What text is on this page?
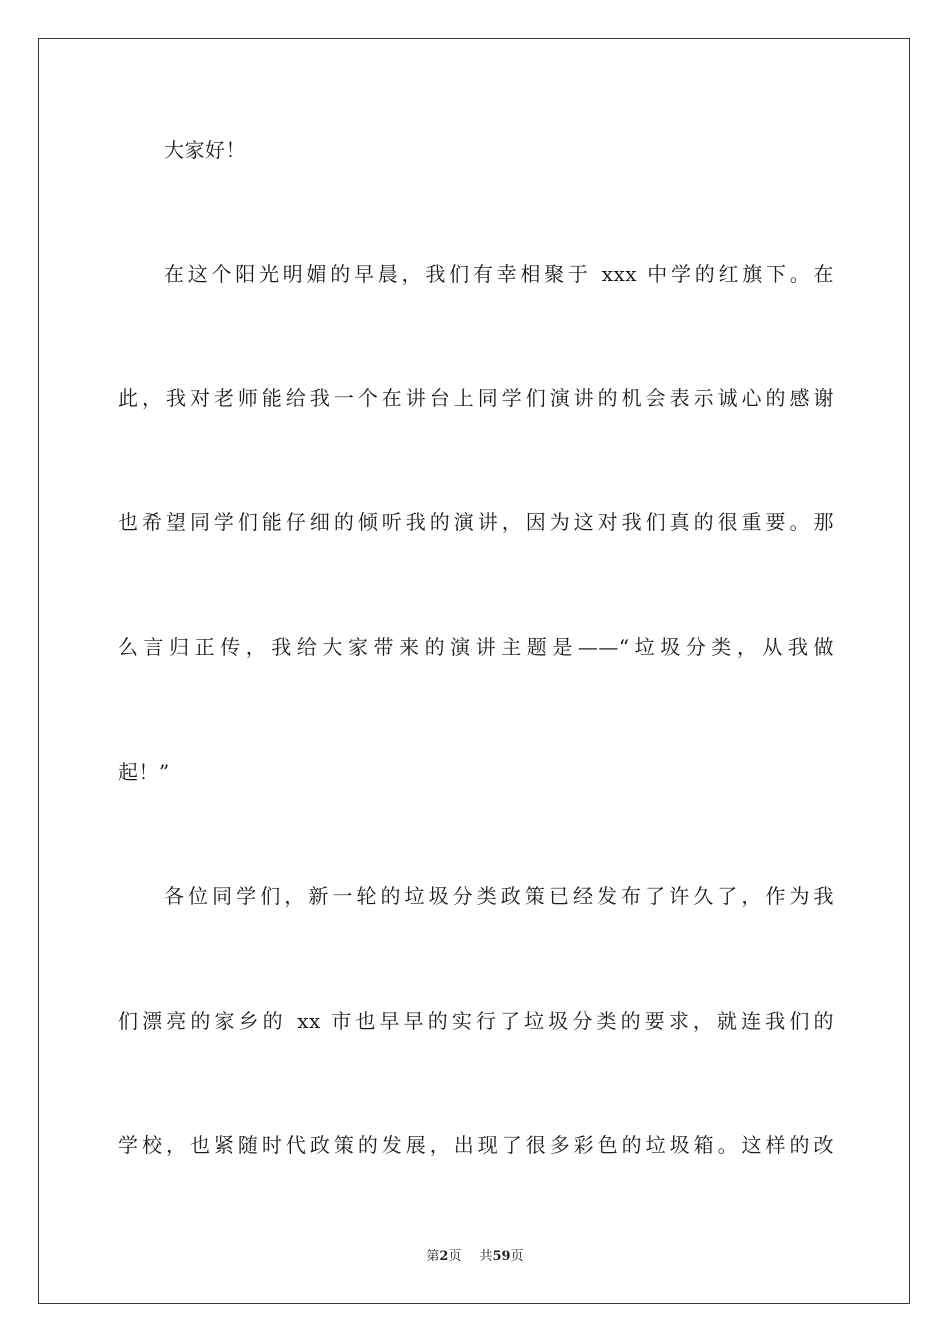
大家好！
在这个阳光明媚的早晨，我们有幸相聚于 xxx 中学的红旗下。在
此，我对老师能给我一个在讲台上同学们演讲的机会表示诚心的感谢
也希望同学们能仔细的倾听我的演讲，因为这对我们真的很重要。那
么言归正传，我给大家带来的演讲主题是——“垃圾分类，从我做
起！”
各位同学们，新一轮的垃圾分类政策已经发布了许久了，作为我
们漂亮的家乡的 xx 市也早早的实行了垃圾分类的要求，就连我们的
学校，也紧随时代政策的发展，出现了很多彩色的垃圾箱。这样的改
第2页 共59页
